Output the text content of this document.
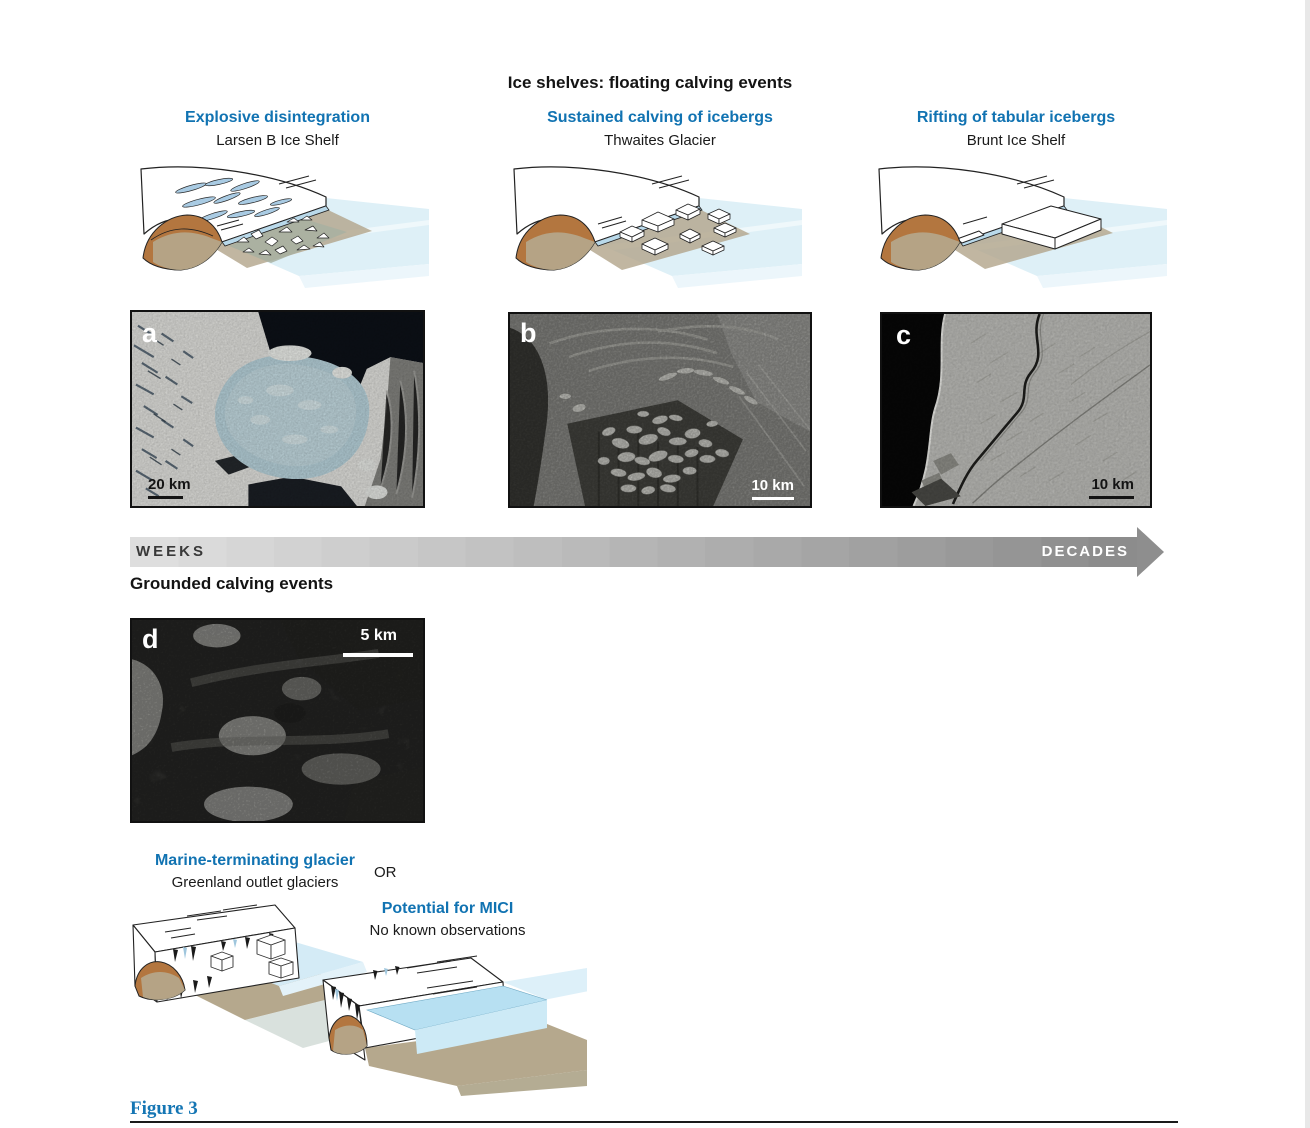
Ice shelves: floating calving events
Explosive disintegration
Larsen B Ice Shelf
Sustained calving of icebergs
Thwaites Glacier
Rifting of tabular icebergs
Brunt Ice Shelf
a
20 km
b
10 km
c
10 km
WEEKS	DECADES
Grounded calving events
d	5 km
Marine-terminating glacier
Greenland outlet glaciers
OR
Potential for MICI
No known observations
Figure 3
